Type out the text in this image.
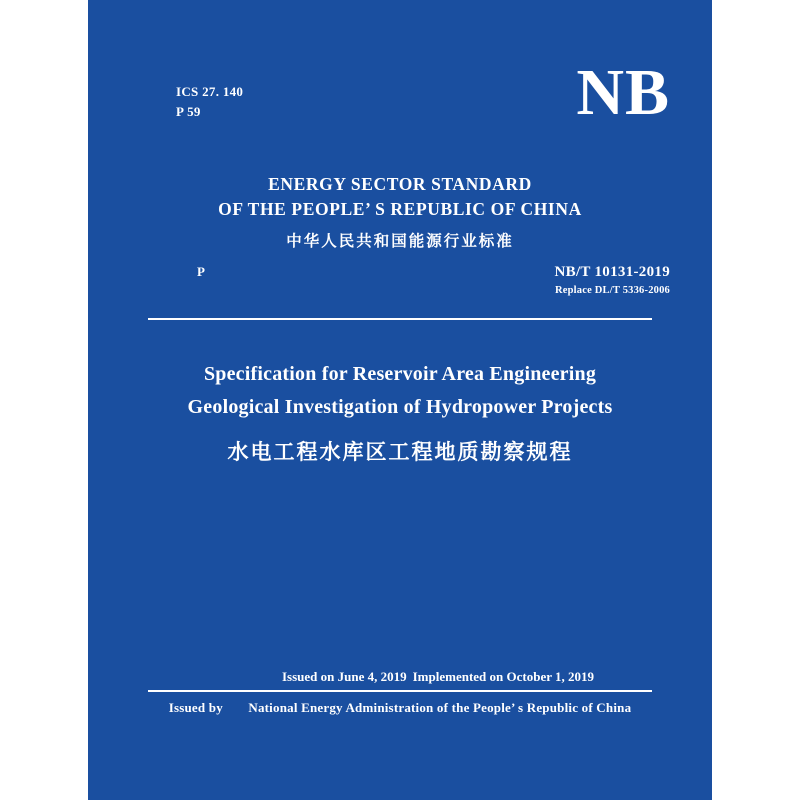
ICS 27. 140
P 59	NB
ENERGY SECTOR STANDARD
OF THE PEOPLE’ S REPUBLIC OF CHINA
中华人民共和国能源行业标准
P	NB/T 10131-2019
Replace DL/T 5336-2006
Specification for Reservoir Area Engineering
Geological Investigation of Hydropower Projects
水电工程水库区工程地质勘察规程
Issued on June 4, 2019 Implemented on October 1, 2019
Issued by National Energy Administration of the People’ s Republic of China
